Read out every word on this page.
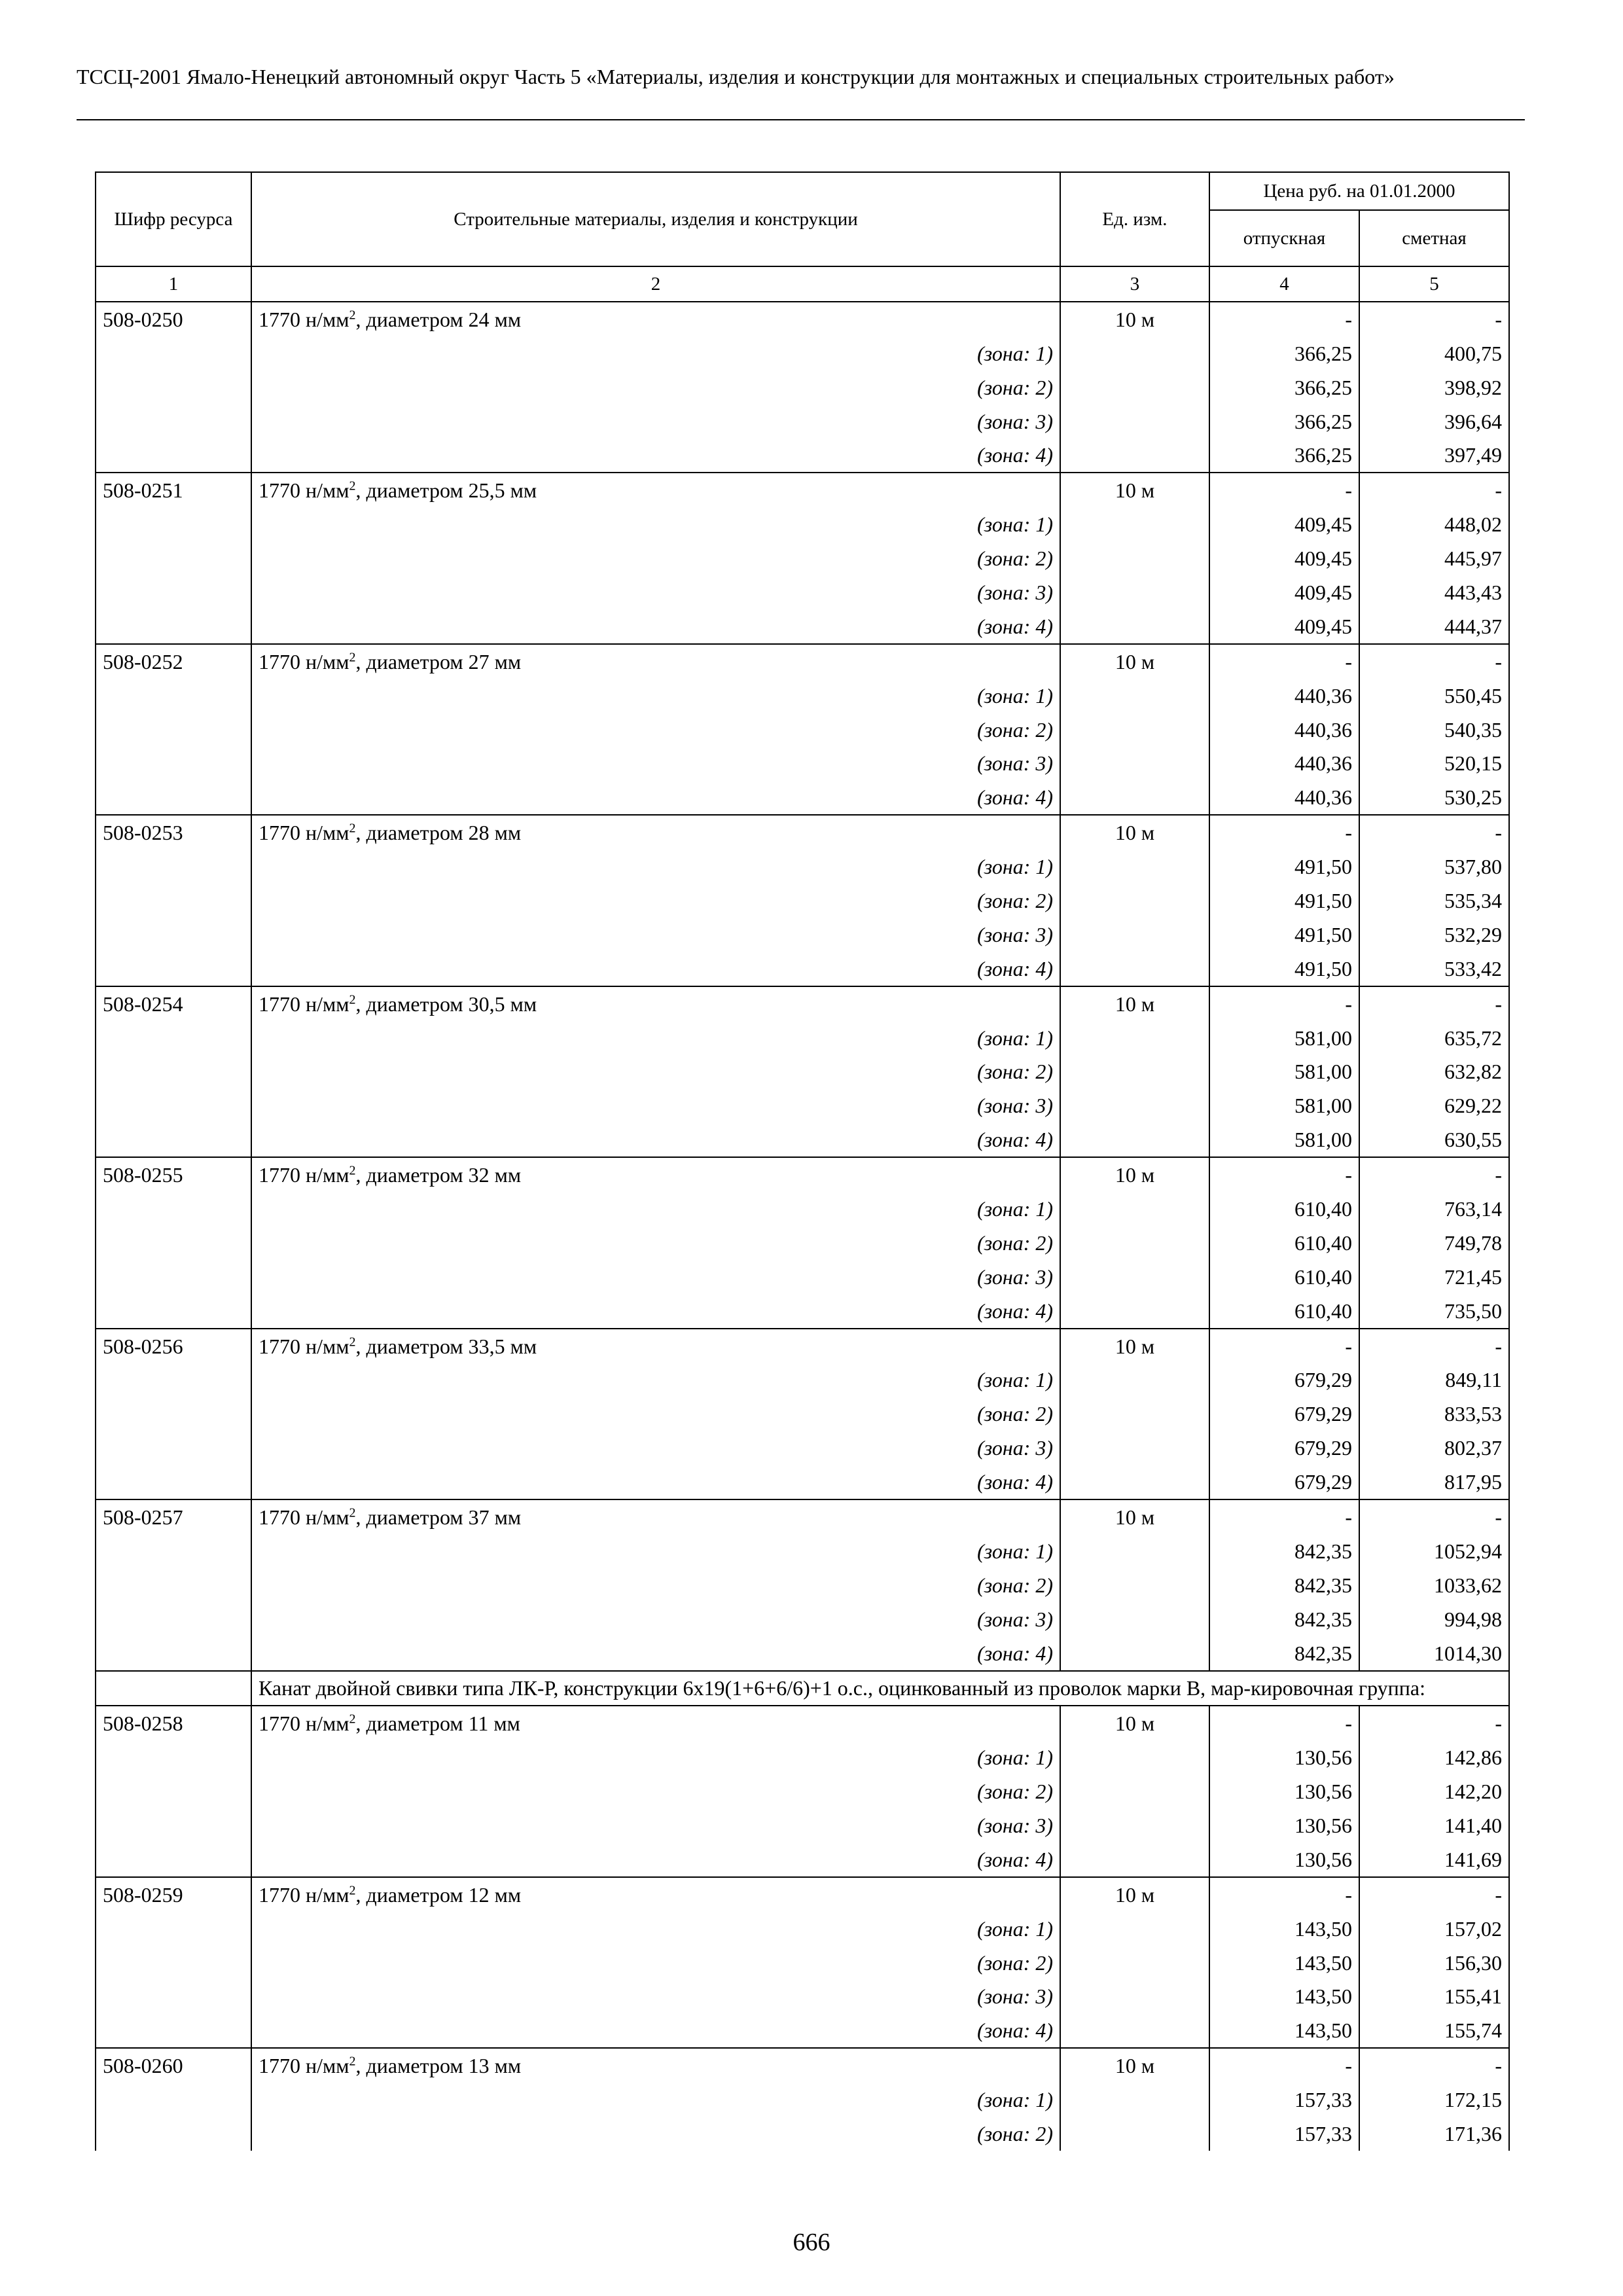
ТССЦ-2001 Ямало-Ненецкий автономный округ Часть 5 «Материалы, изделия и конструкции для монтажных и специальных строительных работ»
Шифр ресурса	Строительные материалы, изделия и конструкции	Ед. изм.	Цена руб. на 01.01.2000	
			отпускная	сметная
1	2	3	4	5
508-0250	1770 $н/мм^2$, диаметром 24 мм	10 м	-	-
	(зона: 1)		366,25	400,75
	(зона: 2)		366,25	398,92
	(зона: 3)		366,25	396,64
	(зона: 4)		366,25	397,49
508-0251	1770 $н/мм^2$, диаметром 25,5 мм	10 м	-	-
	(зона: 1)		409,45	448,02
	(зона: 2)		409,45	445,97
	(зона: 3)		409,45	443,43
	(зона: 4)		409,45	444,37
508-0252	1770 $н/мм^2$, диаметром 27 мм	10 м	-	-
	(зона: 1)		440,36	550,45
	(зона: 2)		440,36	540,35
	(зона: 3)		440,36	520,15
	(зона: 4)		440,36	530,25
508-0253	1770 $н/мм^2$, диаметром 28 мм	10 м	-	-
	(зона: 1)		491,50	537,80
	(зона: 2)		491,50	535,34
	(зона: 3)		491,50	532,29
	(зона: 4)		491,50	533,42
508-0254	1770 $н/мм^2$, диаметром 30,5 мм	10 м	-	-
	(зона: 1)		581,00	635,72
	(зона: 2)		581,00	632,82
	(зона: 3)		581,00	629,22
	(зона: 4)		581,00	630,55
508-0255	1770 $н/мм^2$, диаметром 32 мм	10 м	-	-
	(зона: 1)		610,40	763,14
	(зона: 2)		610,40	749,78
	(зона: 3)		610,40	721,45
	(зона: 4)		610,40	735,50
508-0256	1770 $н/мм^2$, диаметром 33,5 мм	10 м	-	-
	(зона: 1)		679,29	849,11
	(зона: 2)		679,29	833,53
	(зона: 3)		679,29	802,37
	(зона: 4)		679,29	817,95
508-0257	1770 $н/мм^2$, диаметром 37 мм	10 м	-	-
	(зона: 1)		842,35	1052,94
	(зона: 2)		842,35	1033,62
	(зона: 3)		842,35	994,98
	(зона: 4)		842,35	1014,30
	Канат двойной свивки типа ЛК-Р, конструкции 6х19(1+6+6/6)+1 о.с., оцинкованный из проволок марки В, мар-кировочная группа:			
508-0258	1770 $н/мм^2$, диаметром 11 мм	10 м	-	-
	(зона: 1)		130,56	142,86
	(зона: 2)		130,56	142,20
	(зона: 3)		130,56	141,40
	(зона: 4)		130,56	141,69
508-0259	1770 $н/мм^2$, диаметром 12 мм	10 м	-	-
	(зона: 1)		143,50	157,02
	(зона: 2)		143,50	156,30
	(зона: 3)		143,50	155,41
	(зона: 4)		143,50	155,74
508-0260	1770 $н/мм^2$, диаметром 13 мм	10 м	-	-
	(зона: 1)		157,33	172,15
	(зона: 2)		157,33	171,36
666
